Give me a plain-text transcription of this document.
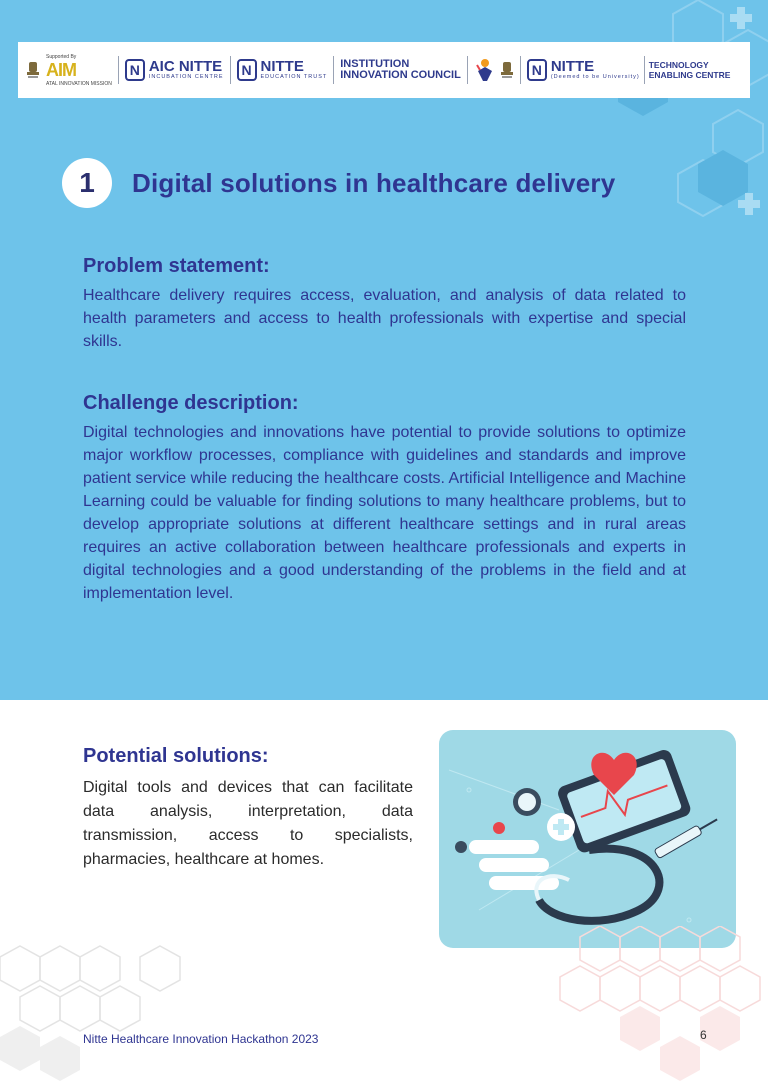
Supported By
AIM
ATAL INNOVATION MISSION
N AIC NITTE
INCUBATION CENTRE	N NITTE
EDUCATION TRUST
INSTITUTION
INNOVATION COUNCIL	N NITTE
(Deemed to be University)
TECHNOLOGY
ENABLING CENTRE
1	Digital solutions in healthcare delivery
Problem statement:

Healthcare delivery requires access, evaluation, and analysis of data related to health parameters and access to health professionals with expertise and special skills.

Challenge description:

Digital technologies and innovations have potential to provide solutions to optimize major workflow processes, compliance with guidelines and standards and improve patient service while reducing the healthcare costs. Artificial Intelligence and Machine Learning could be valuable for finding solutions to many healthcare problems, but to develop appropriate solutions at different healthcare settings and in rural areas requires an active collaboration between healthcare professionals and experts in digital technologies and a good understanding of the problems in the field and at implementation level.

Potential solutions:

Digital tools and devices that can facilitate data analysis, interpretation, data transmission, access to specialists, pharmacies, healthcare at homes.

Nitte Healthcare Innovation Hackathon 2023	6
